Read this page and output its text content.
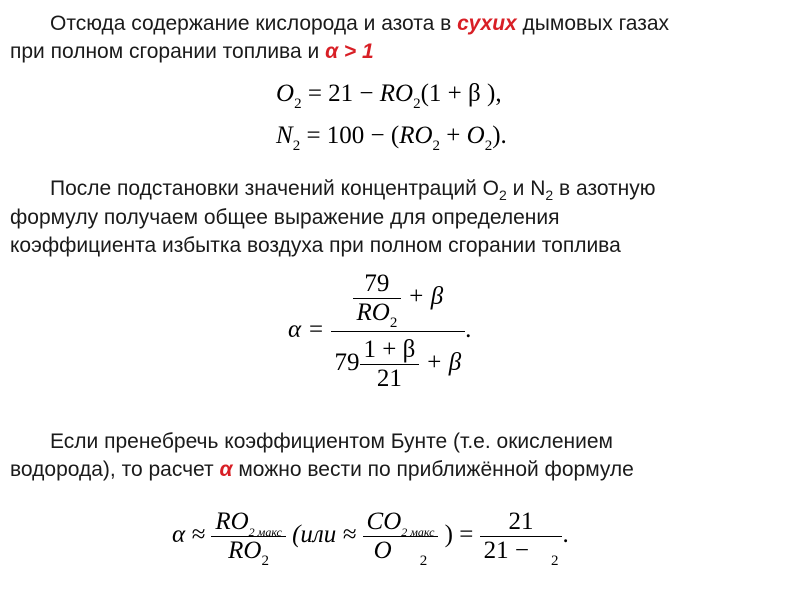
Отсюда содержание кислорода и азота в сухих дымовых газах
при полном сгорании топлива и α > 1
$O_2 = 21 - RO_2(1 + \beta$ ),
$N_2 = 100 - (RO_2 + O_2)$.
После подстановки значений концентраций $O_2$ и $N_2$ в азотную
формулу получаем общее выражение для определения
коэффициента избытка воздуха при полном сгорании топлива
$\alpha = \frac{\frac{79}{RO_2} + \beta}{79 \frac{1 + \beta}{21} + \beta}$ .
Если пренебречь коэффициентом Бунте (т.е. окислением
водорода), то расчет α можно вести по приближённой формуле
$\alpha \approx \frac{RO_{2 макс}}{RO_2} (или \approx \frac{CO_{2 макс}}{O _2}$ ) = $\frac{21}{21 - _2}$ .
